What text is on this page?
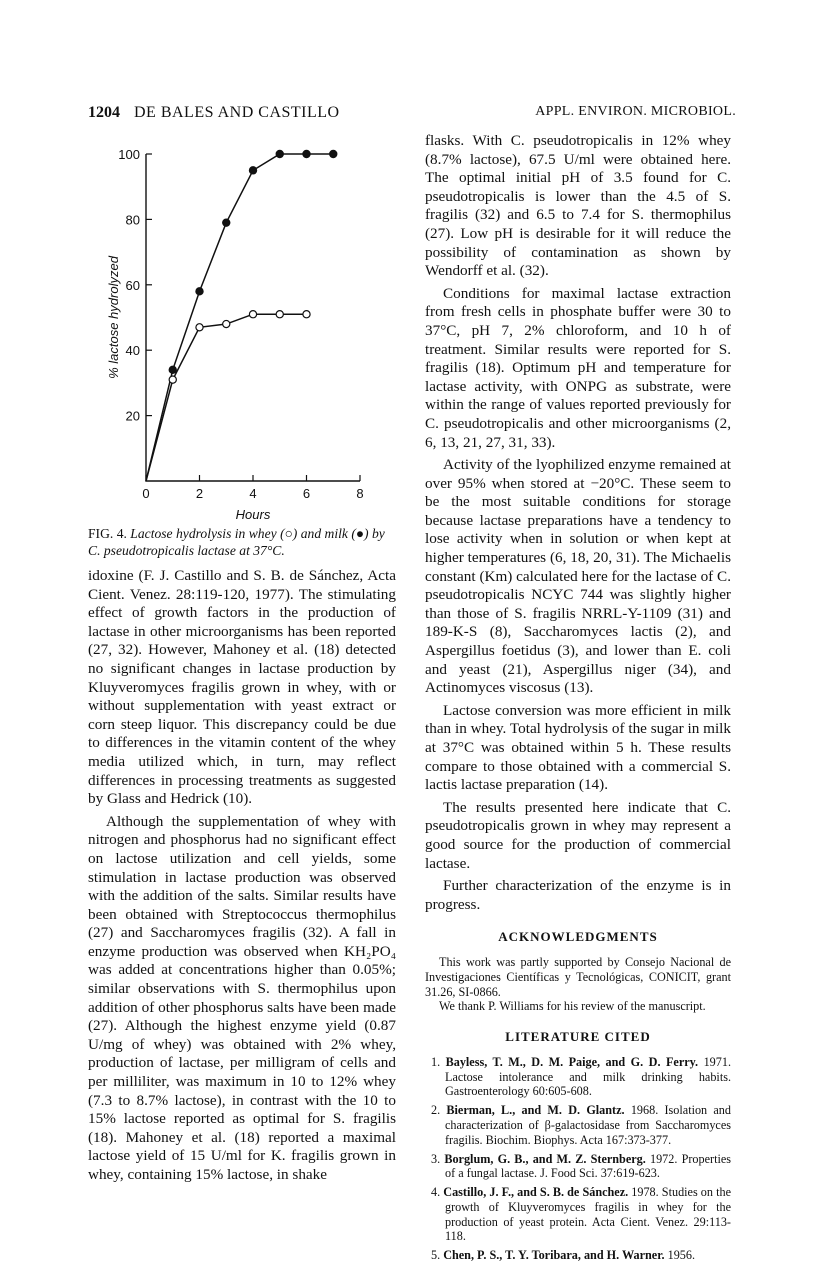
1204 DE BALES AND CASTILLO	APPL. ENVIRON. MICROBIOL.
20
40
60
80
100
0	2	4	6	8
Hours
% lactose hydrolyzed
FIG. 4. Lactose hydrolysis in whey (○) and milk (●) by C. pseudotropicalis lactase at 37°C.

idoxine (F. J. Castillo and S. B. de Sánchez, Acta Cient. Venez. 28:119-120, 1977). The stimulating effect of growth factors in the production of lactase in other microorganisms has been reported (27, 32). However, Mahoney et al. (18) detected no significant changes in lactase production by Kluyveromyces fragilis grown in whey, with or without supplementation with yeast extract or corn steep liquor. This discrepancy could be due to differences in the vitamin content of the whey media utilized which, in turn, may reflect differences in processing treatments as suggested by Glass and Hedrick (10).

Although the supplementation of whey with nitrogen and phosphorus had no significant effect on lactose utilization and cell yields, some stimulation in lactase production was observed with the addition of the salts. Similar results have been obtained with Streptococcus thermophilus (27) and Saccharomyces fragilis (32). A fall in enzyme production was observed when KH₂PO₄ was added at concentrations higher than 0.05%; similar observations with S. thermophilus upon addition of other phosphorus salts have been made (27). Although the highest enzyme yield (0.87 U/mg of whey) was obtained with 2% whey, production of lactase, per milligram of cells and per milliliter, was maximum in 10 to 12% whey (7.3 to 8.7% lactose), in contrast with the 10 to 15% lactose reported as optimal for S. fragilis (18). Mahoney et al. (18) reported a maximal lactose yield of 15 U/ml for K. fragilis grown in whey, containing 15% lactose, in shake

flasks. With C. pseudotropicalis in 12% whey (8.7% lactose), 67.5 U/ml were obtained here. The optimal initial pH of 3.5 found for C. pseudotropicalis is lower than the 4.5 of S. fragilis (32) and 6.5 to 7.4 for S. thermophilus (27). Low pH is desirable for it will reduce the possibility of contamination as shown by Wendorff et al. (32).

Conditions for maximal lactase extraction from fresh cells in phosphate buffer were 30 to 37°C, pH 7, 2% chloroform, and 10 h of treatment. Similar results were reported for S. fragilis (18). Optimum pH and temperature for lactase activity, with ONPG as substrate, were within the range of values reported previously for C. pseudotropicalis and other microorganisms (2, 6, 13, 21, 27, 31, 33).

Activity of the lyophilized enzyme remained at over 95% when stored at −20°C. These seem to be the most suitable conditions for storage because lactase preparations have a tendency to lose activity when in solution or when kept at higher temperatures (6, 18, 20, 31). The Michaelis constant (Km) calculated here for the lactase of C. pseudotropicalis NCYC 744 was slightly higher than those of S. fragilis NRRL-Y-1109 (31) and 189-K-S (8), Saccharomyces lactis (2), and Aspergillus foetidus (3), and lower than E. coli and yeast (21), Aspergillus niger (34), and Actinomyces viscosus (13).

Lactose conversion was more efficient in milk than in whey. Total hydrolysis of the sugar in milk at 37°C was obtained within 5 h. These results compare to those obtained with a commercial S. lactis lactase preparation (14).

The results presented here indicate that C. pseudotropicalis grown in whey may represent a good source for the production of commercial lactase.

Further characterization of the enzyme is in progress.

ACKNOWLEDGMENTS
This work was partly supported by Consejo Nacional de Investigaciones Científicas y Tecnológicas, CONICIT, grant 31.26, SI-0866.
We thank P. Williams for his review of the manuscript.
LITERATURE CITED
1. Bayless, T. M., D. M. Paige, and G. D. Ferry. 1971. Lactose intolerance and milk drinking habits. Gastroenterology 60:605-608.
2. Bierman, L., and M. D. Glantz. 1968. Isolation and characterization of β-galactosidase from Saccharomyces fragilis. Biochim. Biophys. Acta 167:373-377.
3. Borglum, G. B., and M. Z. Sternberg. 1972. Properties of a fungal lactase. J. Food Sci. 37:619-623.
4. Castillo, J. F., and S. B. de Sánchez. 1978. Studies on the growth of Kluyveromyces fragilis in whey for the production of yeast protein. Acta Cient. Venez. 29:113-118.
5. Chen, P. S., T. Y. Toribara, and H. Warner. 1956.
